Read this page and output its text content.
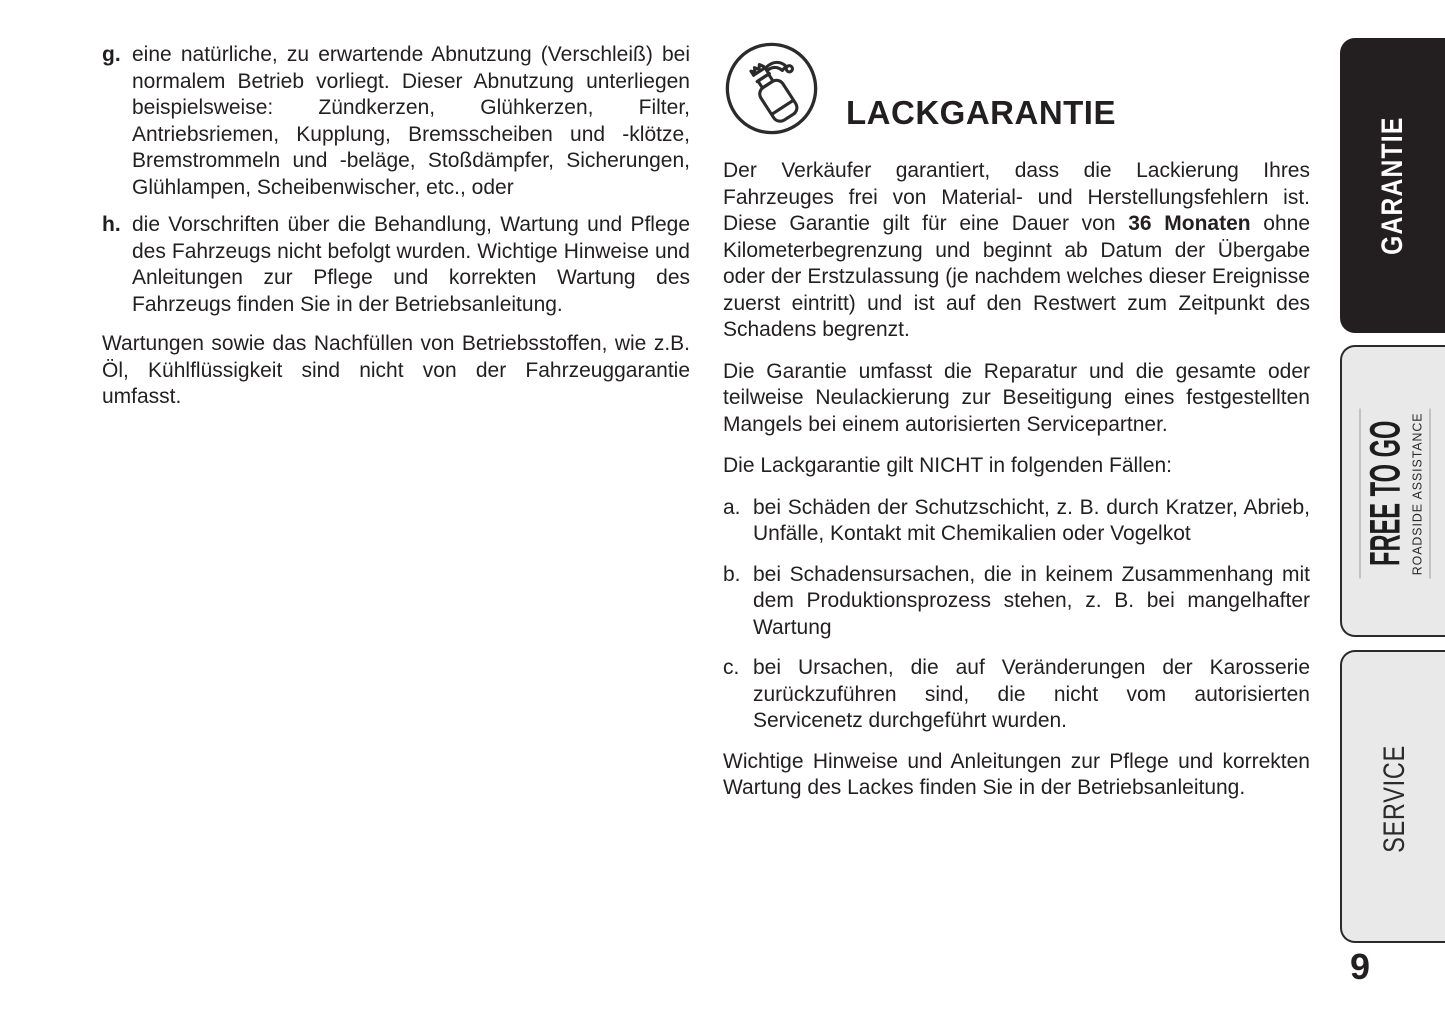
g. eine natürliche, zu erwartende Abnutzung (Verschleiß) bei normalem Betrieb vorliegt. Dieser Abnutzung unterliegen beispielsweise: Zündkerzen, Glühkerzen, Filter, Antriebsriemen, Kupplung, Bremsscheiben und -klötze, Bremstrommeln und -beläge, Stoßdämpfer, Sicherungen, Glühlampen, Scheibenwischer, etc., oder
h. die Vorschriften über die Behandlung, Wartung und Pflege des Fahrzeugs nicht befolgt wurden. Wichtige Hinweise und Anleitungen zur Pflege und korrekten Wartung des Fahrzeugs finden Sie in der Betriebsanleitung.

Wartungen sowie das Nachfüllen von Betriebsstoffen, wie z.B. Öl, Kühlflüssigkeit sind nicht von der Fahrzeuggarantie umfasst.

LACKGARANTIE

Der Verkäufer garantiert, dass die Lackierung Ihres Fahrzeuges frei von Material- und Herstellungsfehlern ist. Diese Garantie gilt für eine Dauer von 36 Monaten ohne Kilometerbegrenzung und beginnt ab Datum der Übergabe oder der Erstzulassung (je nachdem welches dieser Ereignisse zuerst eintritt) und ist auf den Restwert zum Zeitpunkt des Schadens begrenzt.

Die Garantie umfasst die Reparatur und die gesamte oder teilweise Neulackierung zur Beseitigung eines festgestellten Mangels bei einem autorisierten Servicepartner.

Die Lackgarantie gilt NICHT in folgenden Fällen:

a. bei Schäden der Schutzschicht, z. B. durch Kratzer, Abrieb, Unfälle, Kontakt mit Chemikalien oder Vogelkot
b. bei Schadensursachen, die in keinem Zusammenhang mit dem Produktionsprozess stehen, z. B. bei mangelhafter Wartung
c. bei Ursachen, die auf Veränderungen der Karosserie zurückzuführen sind, die nicht vom autorisierten Servicenetz durchgeführt wurden.

Wichtige Hinweise und Anleitungen zur Pflege und korrekten Wartung des Lackes finden Sie in der Betriebsanleitung.

GARANTIE
FREE TO GO ROADSIDE ASSISTANCE
SERVICE
9
